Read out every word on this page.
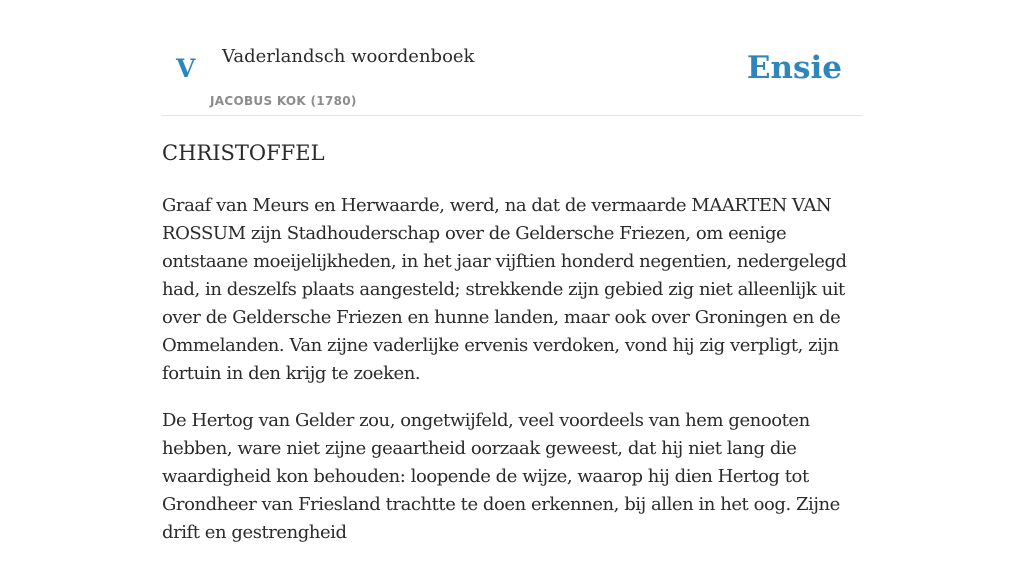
V Vaderlandsch woordenboek
JACOBUS KOK (1780)
Ensie
CHRISTOFFEL

Graaf van Meurs en Herwaarde, werd, na dat de vermaarde MAARTEN VAN ROSSUM zijn Stadhouderschap over de Geldersche Friezen, om eenige ontstaane moeijelijkheden, in het jaar vijftien honderd negentien, nedergelegd had, in deszelfs plaats aangesteld; strekkende zijn gebied zig niet alleenlijk uit over de Geldersche Friezen en hunne landen, maar ook over Groningen en de Ommelanden. Van zijne vaderlijke ervenis verdoken, vond hij zig verpligt, zijn fortuin in den krijg te zoeken.

De Hertog van Gelder zou, ongetwijfeld, veel voordeels van hem genooten hebben, ware niet zijne geaartheid oorzaak geweest, dat hij niet lang die waardigheid kon behouden: loopende de wijze, waarop hij dien Hertog tot Grondheer van Friesland trachtte te doen erkennen, bij allen in het oog. Zijne drift en gestrengheid
